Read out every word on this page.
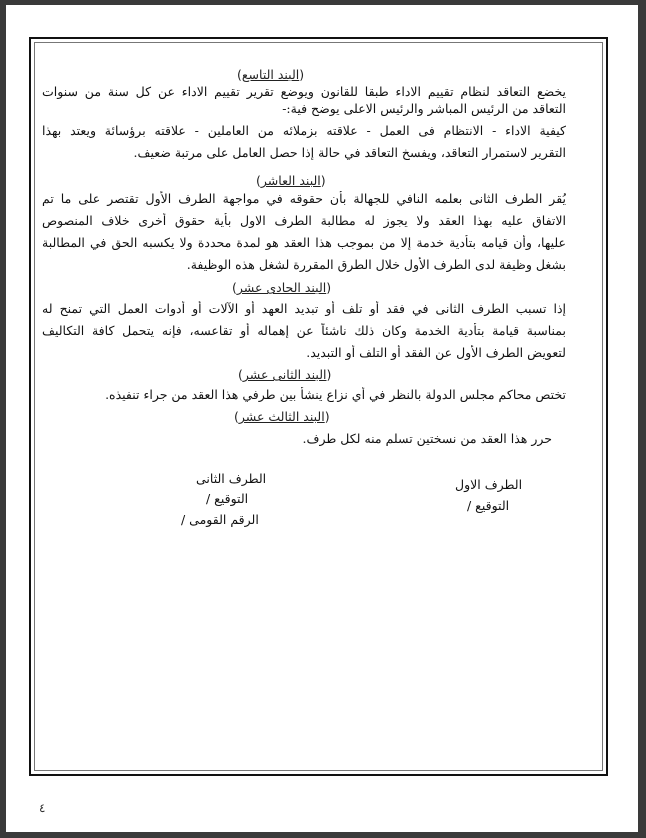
(البند التاسع)
يخضع التعاقد لنظام تقييم الاداء طبقا للقانون ويوضع تقرير تقييم الاداء عن كل سنة من سنوات
التعاقد من الرئيس المباشر والرئيس الاعلى يوضح فية:-
كيفية الاداء - الانتظام فى العمل - علاقته بزملائه من العاملين - علاقته برؤسائة ويعتد بهذا
التقرير لاستمرار التعاقد، ويفسخ التعاقد في حالة إذا حصل العامل على مرتبة ضعيف.
(البند العاشر)
يُقر الطرف الثانى بعلمه النافي للجهالة بأن حقوقه في مواجهة الطرف الأول تقتصر على ما تم
الاتفاق عليه بهذا العقد ولا يجوز له مطالبة الطرف الاول بأية حقوق أخرى خلاف المنصوص
عليها، وأن قيامه بتأدية خدمة إلا من بموجب هذا العقد هو لمدة محددة ولا يكسبه الحق في المطالبة
بشغل وظيفة لدى الطرف الأول خلال الطرق المقررة لشغل هذه الوظيفة.
(البند الحادى عشر)
إذا تسبب الطرف الثانى في فقد أو تلف أو تبديد العهد أو الآلات أو أدوات العمل التي تمنح له
بمناسبة قيامة بتأدية الخدمة وكان ذلك ناشئاً عن إهماله أو تقاعسه، فإنه يتحمل كافة التكاليف
لتعويض الطرف الأول عن الفقد أو التلف أو التبديد.
(البند الثانى عشر)
تختص محاكم مجلس الدولة بالنظر في أي نزاع ينشأ بين طرفي هذا العقد من جراء تنفيذه.
(البند الثالث عشر)
حرر هذا العقد من نسختين تسلم منه لكل طرف.
الطرف الثانى
التوقيع /
الرقم القومى /
الطرف الاول
التوقيع /
٤
